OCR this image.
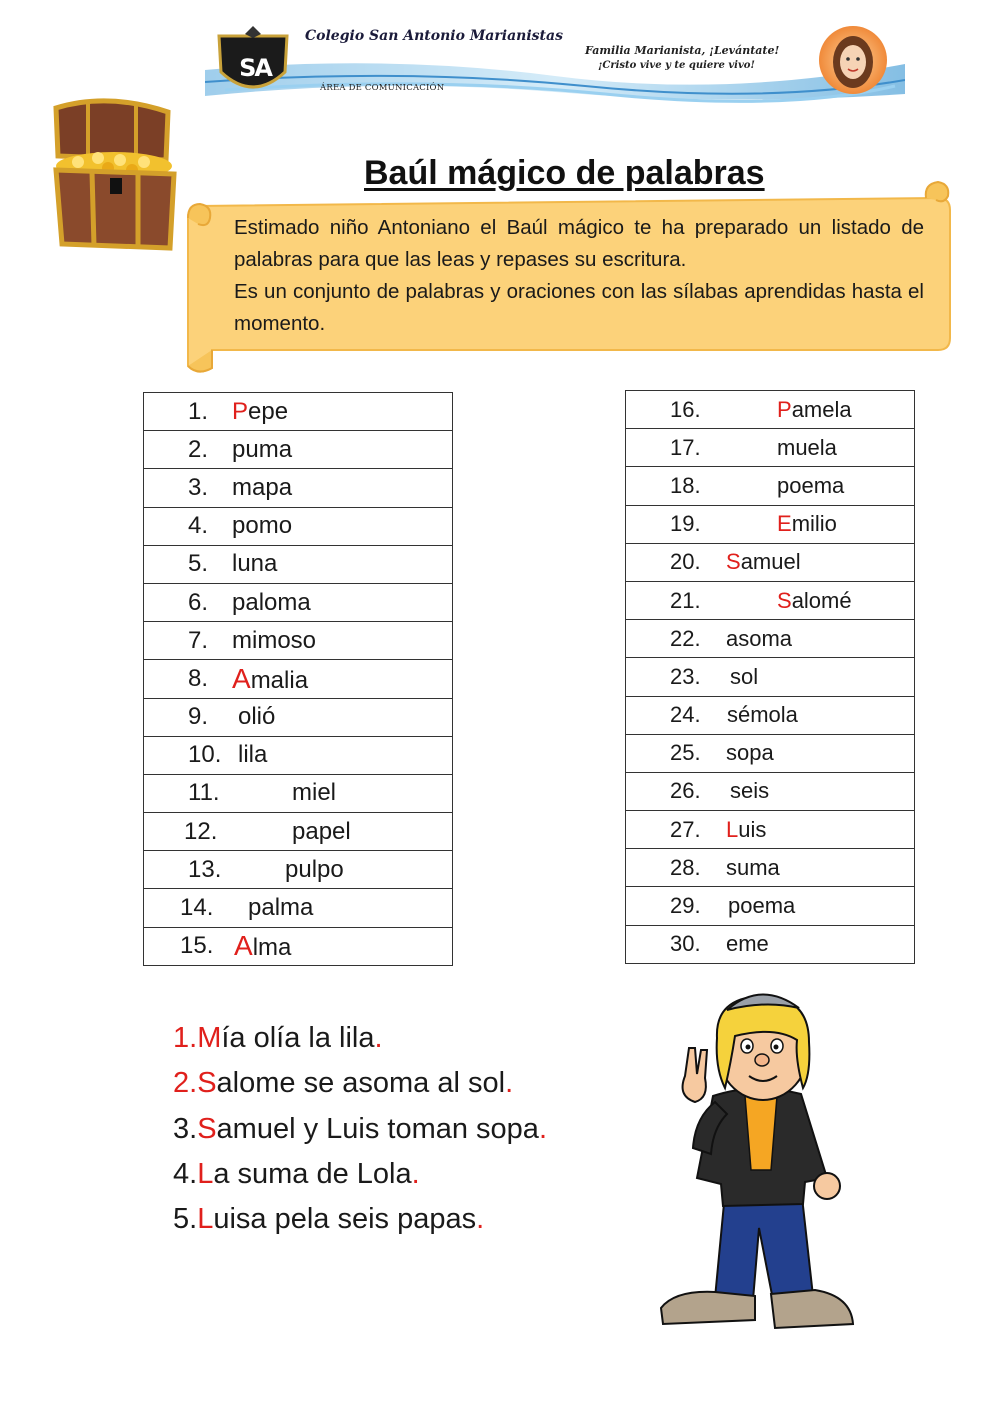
SA
Colegio San Antonio Marianistas
ÁREA DE COMUNICACIÓN
Familia Marianista, ¡Levántate!
¡Cristo vive y te quiere vivo!
Baúl mágico de palabras

Estimado niño Antoniano el Baúl mágico te ha preparado un listado de palabras para que las leas y repases su escritura.

Es un conjunto de palabras y oraciones con las sílabas aprendidas hasta el momento.

1. Pepe

2. puma

3. mapa

4. pomo

5. luna

6. paloma

7. mimoso

8. Amalia

9. olió

10. lila

11.	miel

12.	papel

13.	pulpo

14. palma

15. Alma
16.	Pamela

17.	muela

18.	poema

19.	Emilio

20. Samuel

21.	Salomé

22. asoma

23. sol

24. sémola

25. sopa

26. seis

27. Luis

28. suma

29. poema

30. eme
1.Mía olía la lila.
2.Salome se asoma al sol.
3.Samuel y Luis toman sopa.
4.La suma de Lola.
5.Luisa pela seis papas.
